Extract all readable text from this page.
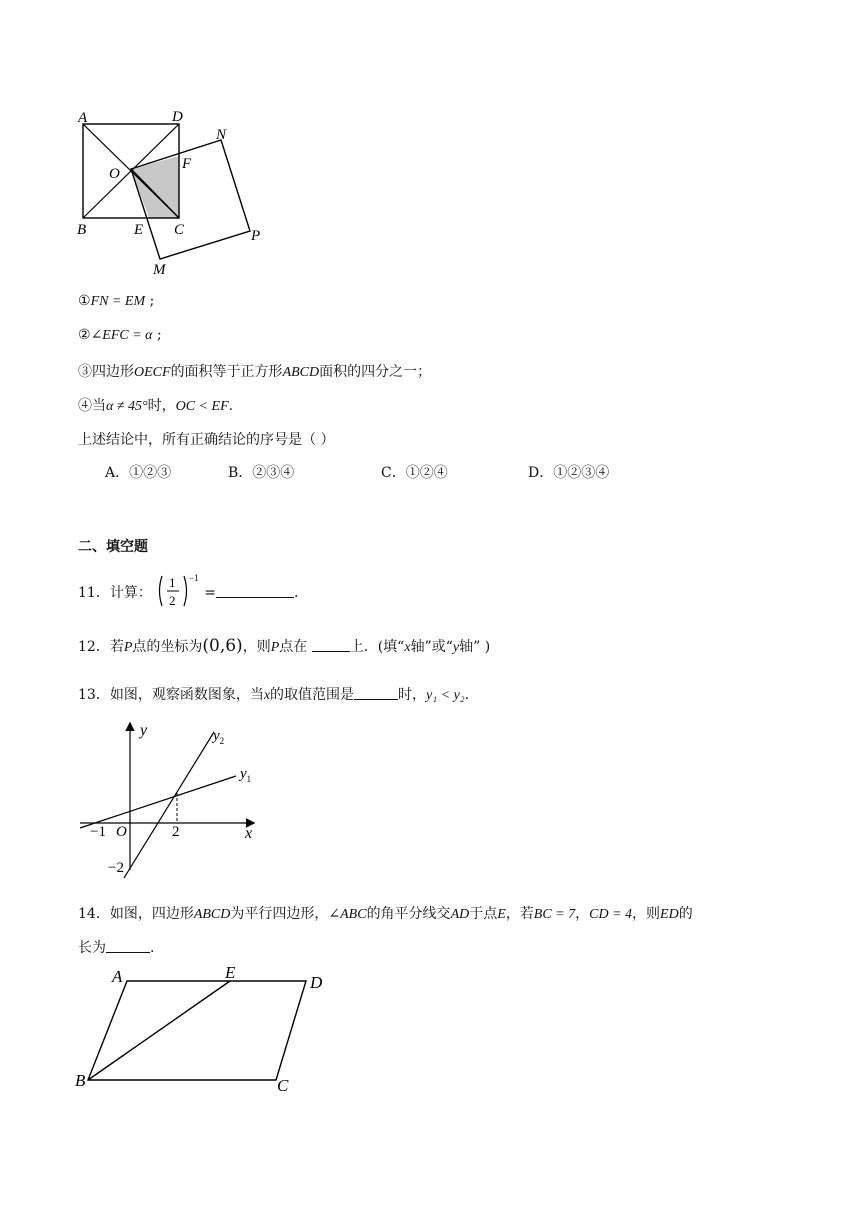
A	D
N
O
F
B	E C	P
M
①FN = EM ;
②∠EFC = α ;
③四边形OECF的面积等于正方形ABCD面积的四分之一；
④当α ≠ 45°时，OC < EF.
上述结论中，所有正确结论的序号是（ ）
A．①②③	B．②③④	C．①②④	D．①②③④
二、填空题
11．计算：
1
2
−1
=	.
12．若P点的坐标为(0,6)，则P点在	上．(填“x轴”或“y轴” )
13．如图，观察函数图象，当x的取值范围是	时，y₁ < y₂.
y
x
O
$y_2$
$y_1$
−1	2
−2
14．如图，四边形ABCD为平行四边形，∠ABC的角平分线交AD于点E，若BC = 7，CD = 4，则ED的
长为	.
A	E
D
B	C
